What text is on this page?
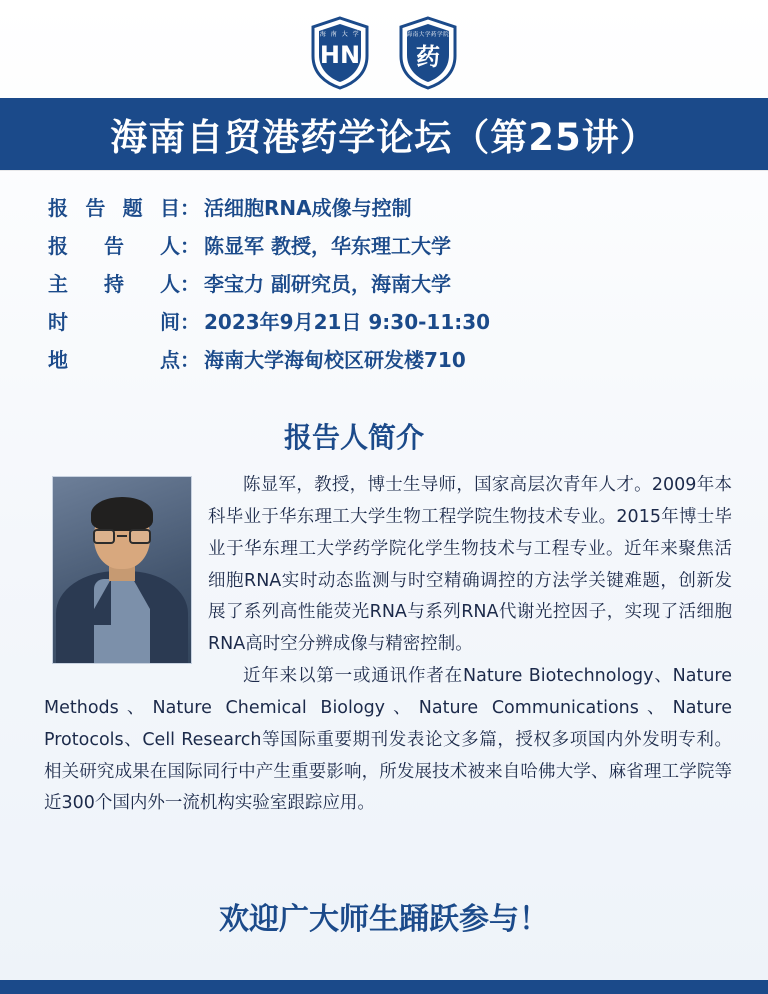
HN
海 南 大 学
药
海南大学药学院
海南自贸港药学论坛（第25讲）
报 告 题 目 ： 活细胞RNA成像与控制
报 告 人 ： 陈显军 教授，华东理工大学
主 持 人 ： 李宝力 副研究员，海南大学
时	间 ： 2023年9月21日 9:30-11:30
地	点 ： 海南大学海甸校区研发楼710
报告人简介

陈显军，教授，博士生导师，国家高层次青年人才。2009年本科毕业于华东理工大学生物工程学院生物技术专业。2015年博士毕业于华东理工大学药学院化学生物技术与工程专业。近年来聚焦活细胞RNA实时动态监测与时空精确调控的方法学关键难题，创新发展了系列高性能荧光RNA与系列RNA代谢光控因子，实现了活细胞RNA高时空分辨成像与精密控制。

近年来以第一或通讯作者在Nature Biotechnology、Nature Methods、Nature Chemical Biology、Nature Communications、Nature Protocols、Cell Research等国际重要期刊发表论文多篇，授权多项国内外发明专利。相关研究成果在国际同行中产生重要影响，所发展技术被来自哈佛大学、麻省理工学院等近300个国内外一流机构实验室跟踪应用。

欢迎广大师生踊跃参与！
